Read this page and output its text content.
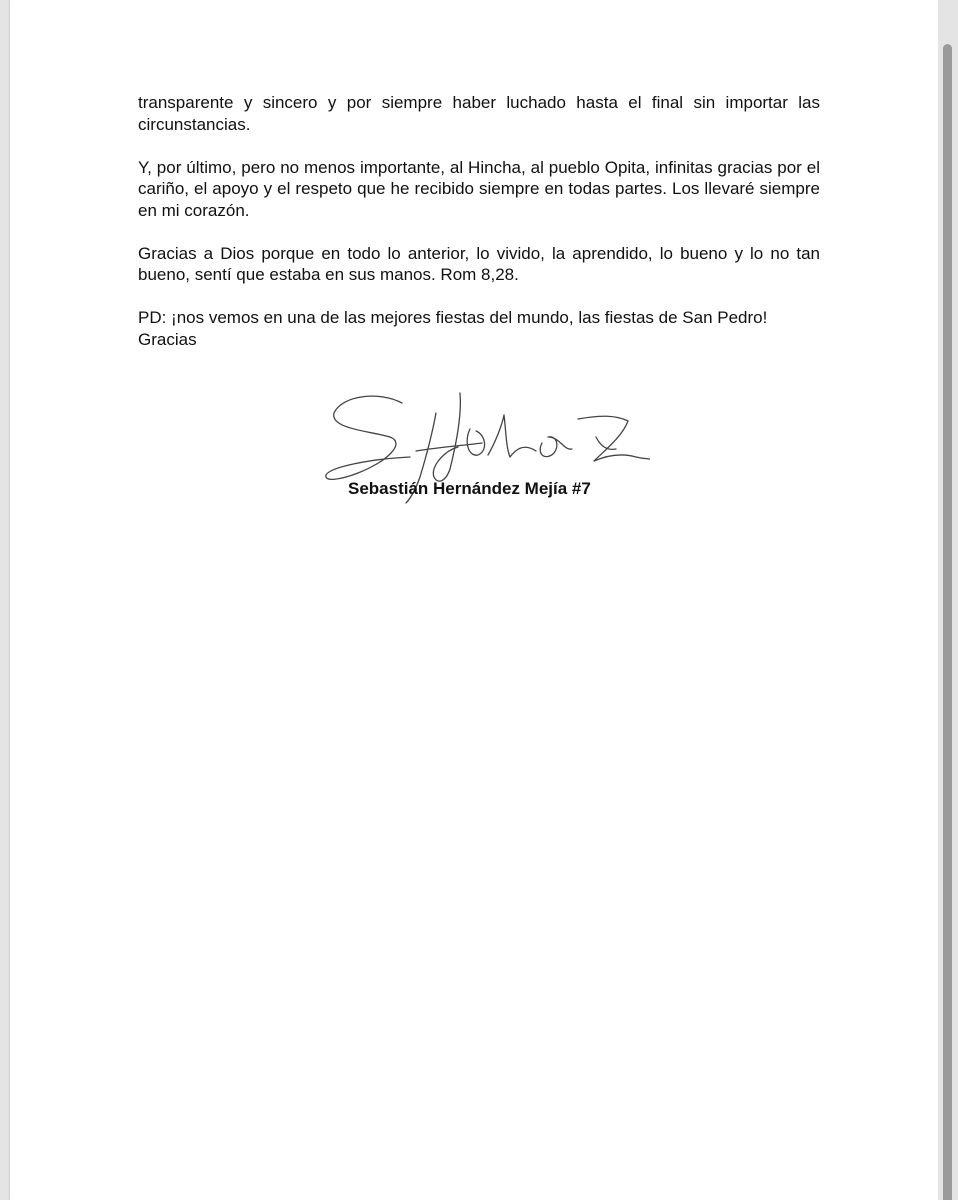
transparente y sincero y por siempre haber luchado hasta el final sin importar las circunstancias.

Y, por último, pero no menos importante, al Hincha, al pueblo Opita, infinitas gracias por el cariño, el apoyo y el respeto que he recibido siempre en todas partes. Los llevaré siempre en mi corazón.

Gracias a Dios porque en todo lo anterior, lo vivido, la aprendido, lo bueno y lo no tan bueno, sentí que estaba en sus manos. Rom 8,28.

PD: ¡nos vemos en una de las mejores fiestas del mundo, las fiestas de San Pedro!

Gracias

Sebastián Hernández Mejía #7
